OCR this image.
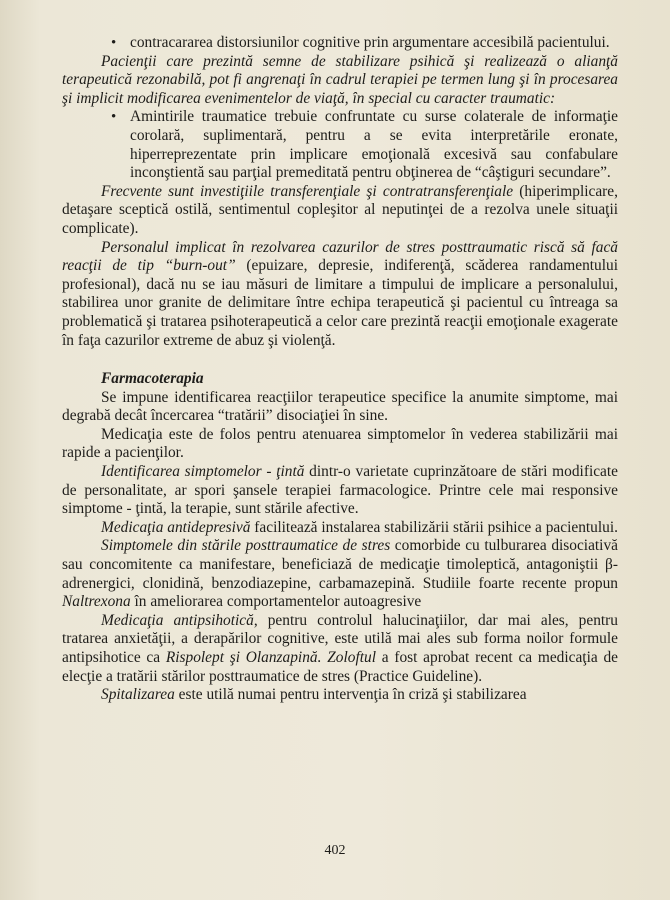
• contracararea distorsiunilor cognitive prin argumentare accesibilă pacientului.

Pacienţii care prezintă semne de stabilizare psihică şi realizează o alianţă terapeutică rezonabilă, pot fi angrenaţi în cadrul terapiei pe termen lung şi în procesarea şi implicit modificarea evenimentelor de viaţă, în special cu caracter traumatic:

• Amintirile traumatice trebuie confruntate cu surse colaterale de informaţie corolară, suplimentară, pentru a se evita interpretările eronate, hiperreprezentate prin implicare emoţională excesivă sau confabulare inconştientă sau parţial premeditată pentru obţinerea de “câştiguri secundare”.

Frecvente sunt investiţiile transferenţiale şi contratransferenţiale (hiperimplicare, detaşare sceptică ostilă, sentimentul copleşitor al neputinţei de a rezolva unele situaţii complicate).

Personalul implicat în rezolvarea cazurilor de stres posttraumatic riscă să facă reacţii de tip “burn-out” (epuizare, depresie, indiferenţă, scăderea randamentului profesional), dacă nu se iau măsuri de limitare a timpului de implicare a personalului, stabilirea unor granite de delimitare între echipa terapeutică şi pacientul cu întreaga sa problematică şi tratarea psihoterapeutică a celor care prezintă reacţii emoţionale exagerate în faţa cazurilor extreme de abuz şi violenţă.

Farmacoterapia

Se impune identificarea reacţiilor terapeutice specifice la anumite simptome, mai degrabă decât încercarea “tratării” disociaţiei în sine.

Medicaţia este de folos pentru atenuarea simptomelor în vederea stabilizării mai rapide a pacienţilor.

Identificarea simptomelor - ţintă dintr-o varietate cuprinzătoare de stări modificate de personalitate, ar spori şansele terapiei farmacologice. Printre cele mai responsive simptome - ţintă, la terapie, sunt stările afective.

Medicaţia antidepresivă facilitează instalarea stabilizării stării psihice a pacientului.

Simptomele din stările posttraumatice de stres comorbide cu tulburarea disociativă sau concomitente ca manifestare, beneficiază de medicaţie timoleptică, antagoniştii β-adrenergici, clonidină, benzodiazepine, carbamazepină. Studiile foarte recente propun Naltrexona în ameliorarea comportamentelor autoagresive

Medicaţia antipsihotică, pentru controlul halucinaţiilor, dar mai ales, pentru tratarea anxietăţii, a derapărilor cognitive, este utilă mai ales sub forma noilor formule antipsihotice ca Rispolept şi Olanzapină. Zoloftul a fost aprobat recent ca medicaţia de elecţie a tratării stărilor posttraumatice de stres (Practice Guideline).

Spitalizarea este utilă numai pentru intervenţia în criză şi stabilizarea

402
